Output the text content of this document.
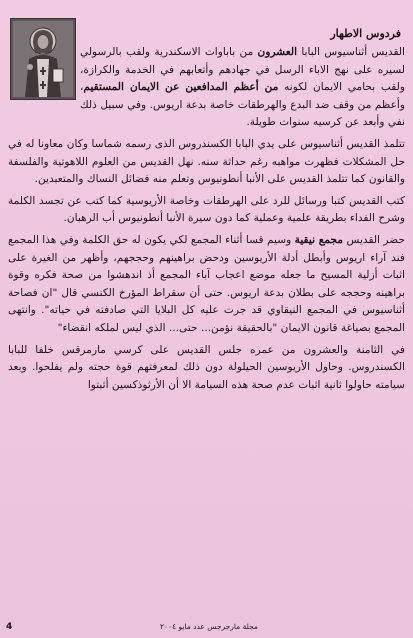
فردوس الاطهار

القديس أثناسيوس البابا العشرون من باباوات الاسكندرية ولقب بالرسولي لسيره على نهج الاباء الرسل في جهادهم وأتعابهم في الخدمة والكرازة، ولقب بحامي الايمان لكونه من أعظم المدافعين عن الايمان المستقيم، وأعظم من وقف ضد البدع والهرطقات خاصة بدعة اريوس. وفي سبيل ذلك نفي وأبعد عن كرسيه سنوات طويلة.

تتلمذ القديس أثناسيوس على يدي البابا الكسندروس الذى رسمه شماسا وكان معاونا له في حل المشكلات فظهرت مواهبه رغم حداثة سنه. نهل القديس من العلوم اللاهوتية والفلسفة والقانون كما تتلمذ القديس على الأنبا أنطونيوس وتعلم منه فضائل النساك والمتعبدين.

كتب القديس كتبا ورسائل للرد على الهرطقات وخاصة الأريوسية كما كتب عن تجسد الكلمة وشرح الفداء بطريقة علمية وعملية كما دون سيرة الأنبا أنطونيوس أب الرهبان.

حضر القديس مجمع نيقية وسيم قسا أثناء المجمع لكي يكون له حق الكلمة وفي هذا المجمع فند آراء اريوس وأبطل أدلة الأريوسين ودحض براهينهم وحججهم، وأظهر من الغيرة على اثبات أزلية المسيح ما جعله موضع اعجاب آباء المجمع أذ اندهشوا من صحة فكره وقوة براهينه وحججه على بطلان بدعة اريوس. حتى أن سقراط المؤرخ الكنسي قال "ان فصاحة أثناسيوس في المجمع النيقاوي قد جرت عليه كل البلايا التي صادفته في حياته". وانتهى المجمع بصياغة قانون الايمان "بالحقيقة نؤمن... حتى... الذي ليس لملكه انقضاء"

في الثامنة والعشرون من عمره جلس القديس على كرسي مارمرقس خلفا للبابا الكسندروس. وحاول الأريوسين الحيلولة دون ذلك لمعرفتهم قوة حجته ولم يفلحوا. وبعد سيامته حاولوا ثانية اثبات عدم صحة هذه السيامة الا أن الأرثوذكسين أثبتوا

4	مجلة مارجرجس عدد مايو ٢٠٠٤
